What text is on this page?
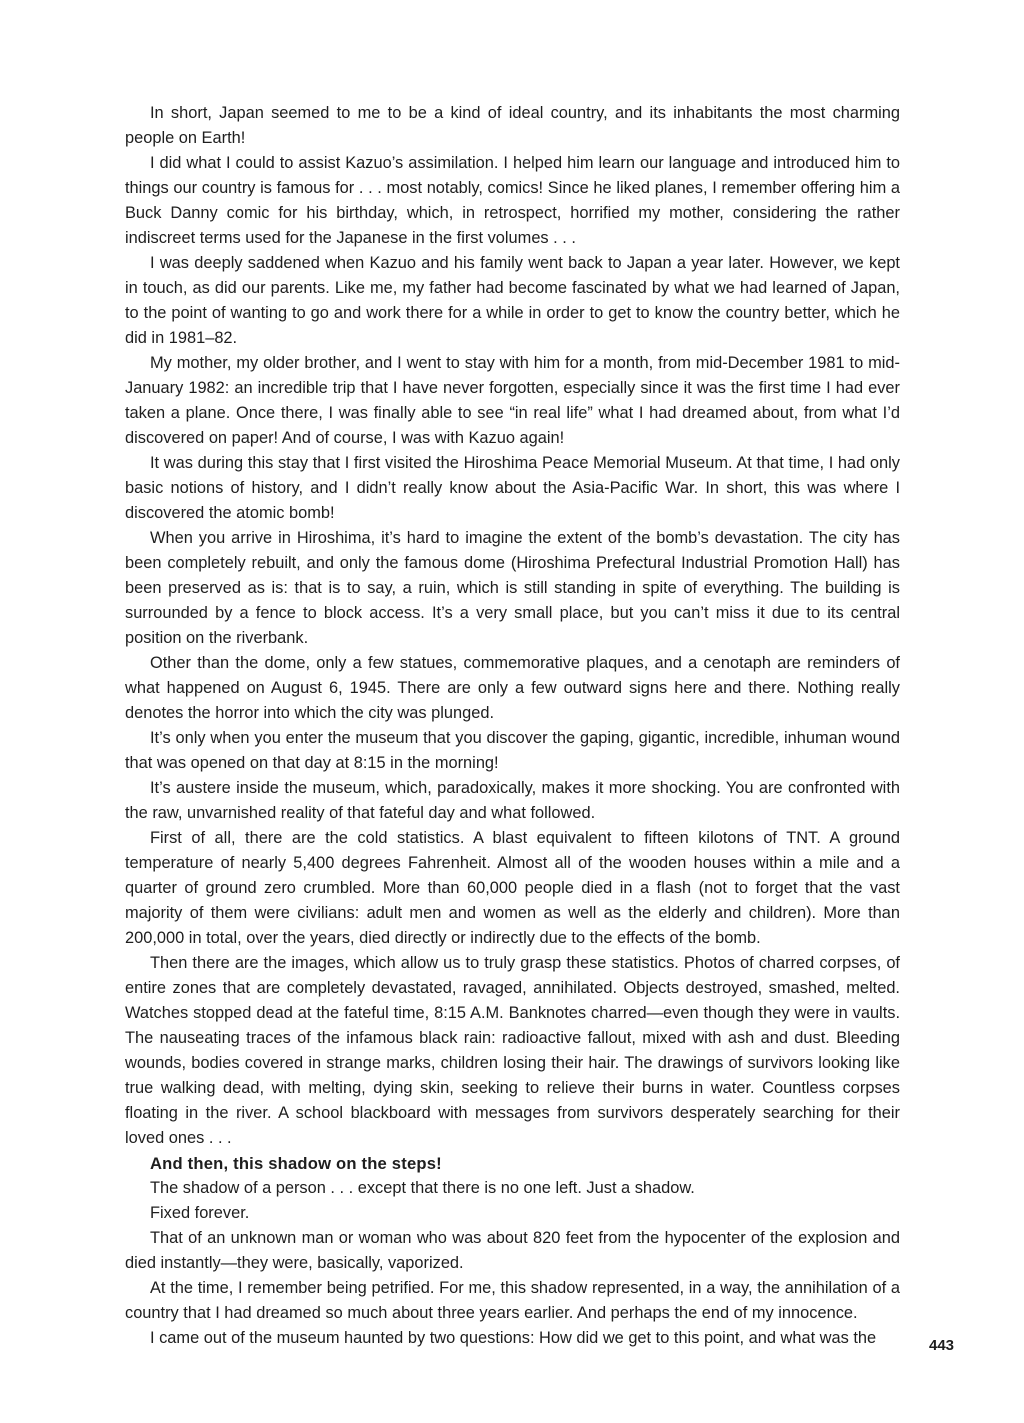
In short, Japan seemed to me to be a kind of ideal country, and its inhabitants the most charming people on Earth!

I did what I could to assist Kazuo’s assimilation. I helped him learn our language and introduced him to things our country is famous for . . . most notably, comics! Since he liked planes, I remember offering him a Buck Danny comic for his birthday, which, in retrospect, horrified my mother, considering the rather indiscreet terms used for the Japanese in the first volumes . . .

I was deeply saddened when Kazuo and his family went back to Japan a year later. However, we kept in touch, as did our parents. Like me, my father had become fascinated by what we had learned of Japan, to the point of wanting to go and work there for a while in order to get to know the country better, which he did in 1981–82.

My mother, my older brother, and I went to stay with him for a month, from mid-December 1981 to mid-January 1982: an incredible trip that I have never forgotten, especially since it was the first time I had ever taken a plane. Once there, I was finally able to see “in real life” what I had dreamed about, from what I’d discovered on paper! And of course, I was with Kazuo again!

It was during this stay that I first visited the Hiroshima Peace Memorial Museum. At that time, I had only basic notions of history, and I didn’t really know about the Asia-Pacific War. In short, this was where I discovered the atomic bomb!

When you arrive in Hiroshima, it’s hard to imagine the extent of the bomb’s devastation. The city has been completely rebuilt, and only the famous dome (Hiroshima Prefectural Industrial Promotion Hall) has been preserved as is: that is to say, a ruin, which is still standing in spite of everything. The building is surrounded by a fence to block access. It’s a very small place, but you can’t miss it due to its central position on the riverbank.

Other than the dome, only a few statues, commemorative plaques, and a cenotaph are reminders of what happened on August 6, 1945. There are only a few outward signs here and there. Nothing really denotes the horror into which the city was plunged.

It’s only when you enter the museum that you discover the gaping, gigantic, incredible, inhuman wound that was opened on that day at 8:15 in the morning!

It’s austere inside the museum, which, paradoxically, makes it more shocking. You are confronted with the raw, unvarnished reality of that fateful day and what followed.

First of all, there are the cold statistics. A blast equivalent to fifteen kilotons of TNT. A ground temperature of nearly 5,400 degrees Fahrenheit. Almost all of the wooden houses within a mile and a quarter of ground zero crumbled. More than 60,000 people died in a flash (not to forget that the vast majority of them were civilians: adult men and women as well as the elderly and children). More than 200,000 in total, over the years, died directly or indirectly due to the effects of the bomb.

Then there are the images, which allow us to truly grasp these statistics. Photos of charred corpses, of entire zones that are completely devastated, ravaged, annihilated. Objects destroyed, smashed, melted. Watches stopped dead at the fateful time, 8:15 A.M. Banknotes charred—even though they were in vaults. The nauseating traces of the infamous black rain: radioactive fallout, mixed with ash and dust. Bleeding wounds, bodies covered in strange marks, children losing their hair. The drawings of survivors looking like true walking dead, with melting, dying skin, seeking to relieve their burns in water. Countless corpses floating in the river. A school blackboard with messages from survivors desperately searching for their loved ones . . .

And then, this shadow on the steps!

The shadow of a person . . . except that there is no one left. Just a shadow.

Fixed forever.

That of an unknown man or woman who was about 820 feet from the hypocenter of the explosion and died instantly—they were, basically, vaporized.

At the time, I remember being petrified. For me, this shadow represented, in a way, the annihilation of a country that I had dreamed so much about three years earlier. And perhaps the end of my innocence.

I came out of the museum haunted by two questions: How did we get to this point, and what was the	443
